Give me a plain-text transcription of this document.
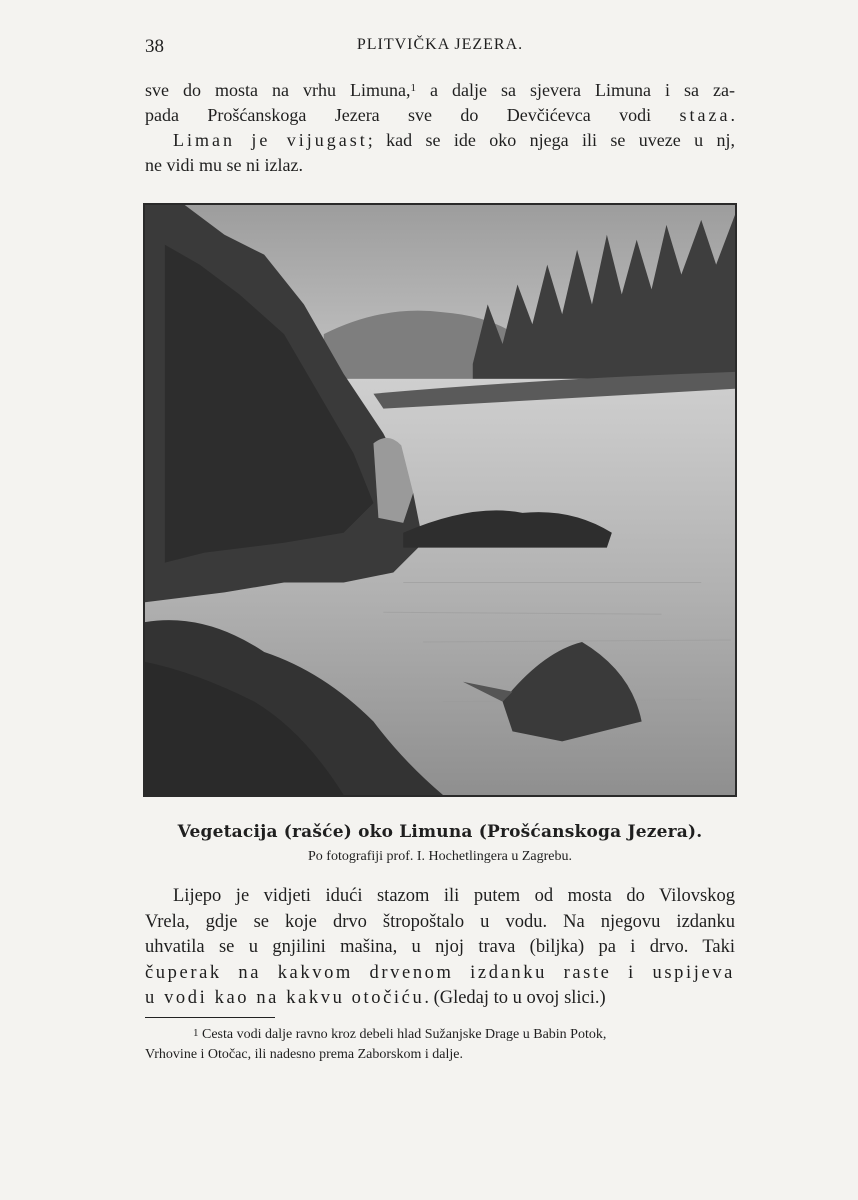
38	PLITVIČKA JEZERA.
sve do mosta na vrhu Limuna,$^1$ a dalje sa sjevera Limuna i sa za-
pada Prošćanskoga Jezera sve do Devčićevca vodi staza.
Liman je vijugast; kad se ide oko njega ili se uveze u nj,
ne vidi mu se ni izlaz.
Vegetacija (rašće) oko Limuna (Prošćanskoga Jezera).
Po fotografiji prof. I. Hochetlingera u Zagrebu.
Lijepo je vidjeti idući stazom ili putem od mosta do Vilovskog
Vrela, gdje se koje drvo štropoštalo u vodu. Na njegovu izdanku
uhvatila se u gnjilini mašina, u njoj trava (biljka) pa i drvo. Taki
čuperak na kakvom drvenom izdanku raste i uspijeva
u vodi kao na kakvu otočiću. (Gledaj to u ovoj slici.)
$^1$ Cesta vodi dalje ravno kroz debeli hlad Sužanjske Drage u Babin Potok,
Vrhovine i Otočac, ili nadesno prema Zaborskom i dalje.
